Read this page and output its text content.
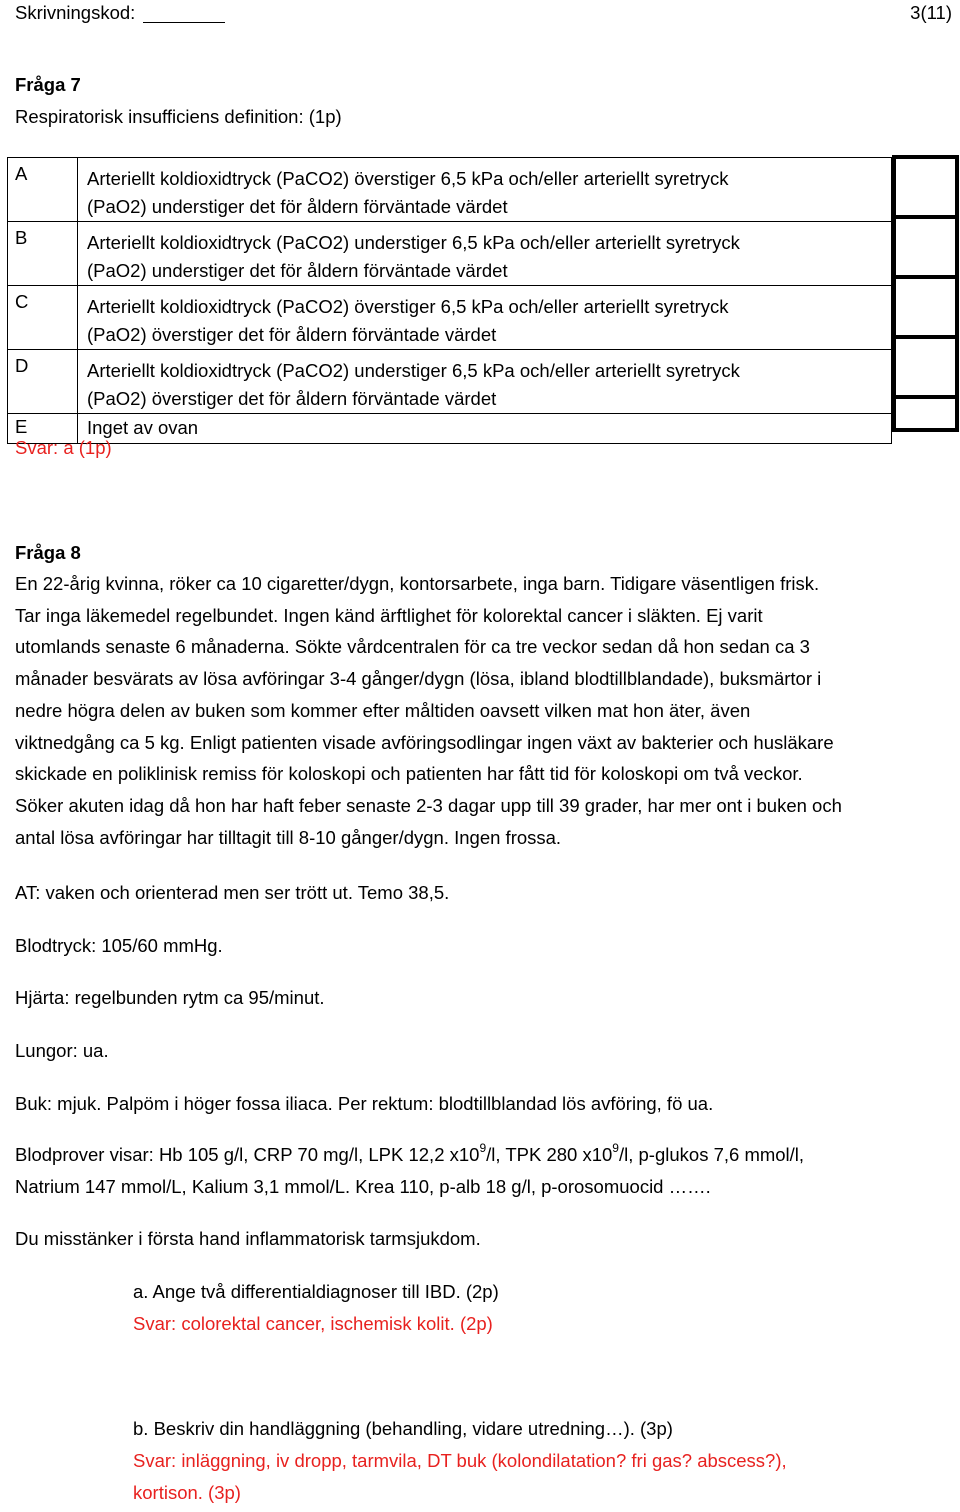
Skrivningskod:	3(11)
Fråga 7
Respiratorisk insufficiens definition: (1p)
A	Arteriellt koldioxidtryck (PaCO2) överstiger 6,5 kPa och/eller arteriellt syretryck
(PaO2) understiger det för åldern förväntade värdet

B	Arteriellt koldioxidtryck (PaCO2) understiger 6,5 kPa och/eller arteriellt syretryck
(PaO2) understiger det för åldern förväntade värdet

C	Arteriellt koldioxidtryck (PaCO2) överstiger 6,5 kPa och/eller arteriellt syretryck
(PaO2) överstiger det för åldern förväntade värdet

D	Arteriellt koldioxidtryck (PaCO2) understiger 6,5 kPa och/eller arteriellt syretryck
(PaO2) överstiger det för åldern förväntade värdet

E	Inget av ovan
Svar: a (1p)
Fråga 8

En 22-årig kvinna, röker ca 10 cigaretter/dygn, kontorsarbete, inga barn. Tidigare väsentligen frisk.

Tar inga läkemedel regelbundet. Ingen känd ärftlighet för kolorektal cancer i släkten. Ej varit

utomlands senaste 6 månaderna. Sökte vårdcentralen för ca tre veckor sedan då hon sedan ca 3

månader besvärats av lösa avföringar 3-4 gånger/dygn (lösa, ibland blodtillblandade), buksmärtor i

nedre högra delen av buken som kommer efter måltiden oavsett vilken mat hon äter, även

viktnedgång ca 5 kg. Enligt patienten visade avföringsodlingar ingen växt av bakterier och husläkare

skickade en poliklinisk remiss för koloskopi och patienten har fått tid för koloskopi om två veckor.

Söker akuten idag då hon har haft feber senaste 2-3 dagar upp till 39 grader, har mer ont i buken och

antal lösa avföringar har tilltagit till 8-10 gånger/dygn. Ingen frossa.

AT: vaken och orienterad men ser trött ut. Temo 38,5.
Blodtryck: 105/60 mmHg.
Hjärta: regelbunden rytm ca 95/minut.
Lungor: ua.
Buk: mjuk. Palpöm i höger fossa iliaca. Per rektum: blodtillblandad lös avföring, fö ua.
Blodprover visar: Hb 105 g/l, CRP 70 mg/l, LPK 12,2 $x10^9/l$, TPK 280 $x10^9/l$, p-glukos 7,6 mmol/l,
Natrium 147 mmol/L, Kalium 3,1 mmol/L. Krea 110, p-alb 18 g/l, p-orosomuocid …….
Du misstänker i första hand inflammatorisk tarmsjukdom.
a. Ange två differentialdiagnoser till IBD. (2p)
Svar: colorektal cancer, ischemisk kolit. (2p)
b. Beskriv din handläggning (behandling, vidare utredning…). (3p)
Svar: inläggning, iv dropp, tarmvila, DT buk (kolondilatation? fri gas? abscess?),
kortison. (3p)
